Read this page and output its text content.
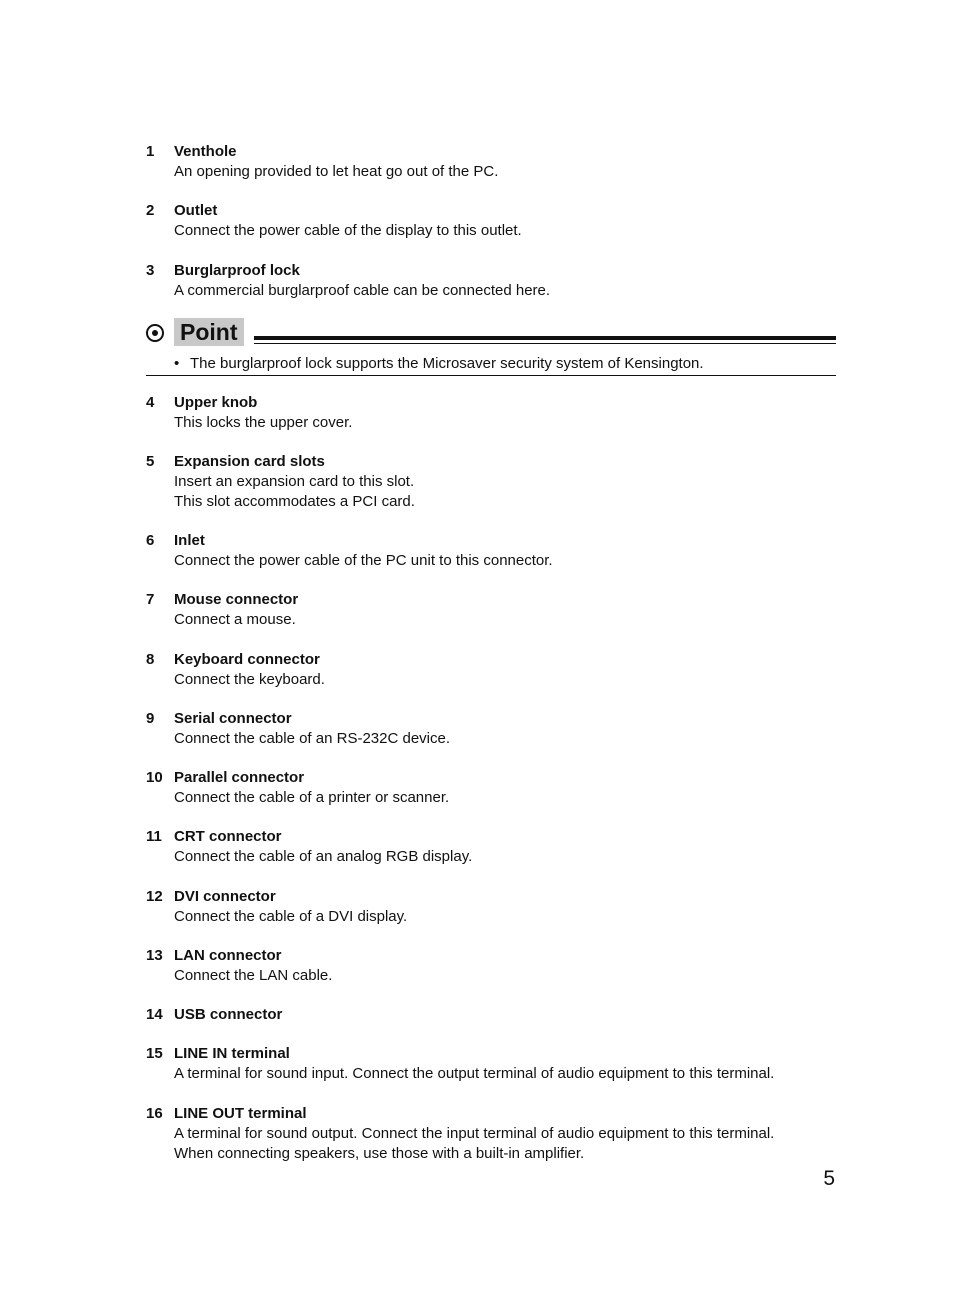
1 Venthole
An opening provided to let heat go out of the PC.
2 Outlet
Connect the power cable of the display to this outlet.
3 Burglarproof lock
A commercial burglarproof cable can be connected here.
Point
• The burglarproof lock supports the Microsaver security system of Kensington.
4 Upper knob
This locks the upper cover.
5 Expansion card slots
Insert an expansion card to this slot.
This slot accommodates a PCI card.
6 Inlet
Connect the power cable of the PC unit to this connector.
7 Mouse connector
Connect a mouse.
8 Keyboard connector
Connect the keyboard.
9 Serial connector
Connect the cable of an RS-232C device.
10 Parallel connector
Connect the cable of a printer or scanner.
11 CRT connector
Connect the cable of an analog RGB display.
12 DVI connector
Connect the cable of a DVI display.
13 LAN connector
Connect the LAN cable.
14 USB connector
15 LINE IN terminal
A terminal for sound input. Connect the output terminal of audio equipment to this terminal.
16 LINE OUT terminal
A terminal for sound output. Connect the input terminal of audio equipment to this terminal.
When connecting speakers, use those with a built-in amplifier.
5
